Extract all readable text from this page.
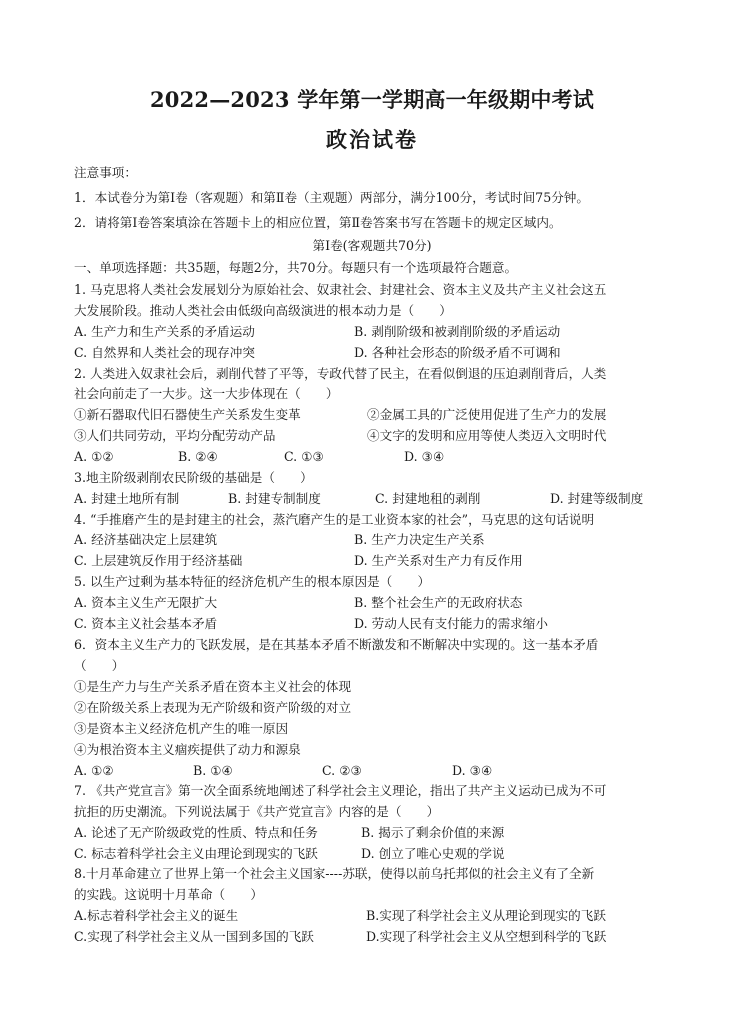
2022—2023 学年第一学期高一年级期中考试
政治试卷
注意事项：
1．本试卷分为第Ⅰ卷（客观题）和第Ⅱ卷（主观题）两部分，满分100分，考试时间75分钟。
2．请将第Ⅰ卷答案填涂在答题卡上的相应位置，第Ⅱ卷答案书写在答题卡的规定区域内。
第Ⅰ卷(客观题共70分)
一、单项选择题：共35题，每题2分，共70分。每题只有一个选项最符合题意。
1. 马克思将人类社会发展划分为原始社会、奴隶社会、封建社会、资本主义及共产主义社会这五
大发展阶段。推动人类社会由低级向高级演进的根本动力是（　　）
A. 生产力和生产关系的矛盾运动	B. 剥削阶级和被剥削阶级的矛盾运动
C. 自然界和人类社会的现存冲突	D. 各种社会形态的阶级矛盾不可调和
2. 人类进入奴隶社会后，剥削代替了平等，专政代替了民主，在看似倒退的压迫剥削背后，人类
社会向前走了一大步。这一大步体现在（　　）
①新石器取代旧石器使生产关系发生变革	②金属工具的广泛使用促进了生产力的发展
③人们共同劳动，平均分配劳动产品	④文字的发明和应用等使人类迈入文明时代
A. ①②	B. ②④	C. ①③	D. ③④
3.地主阶级剥削农民阶级的基础是（　　）
A. 封建土地所有制	B. 封建专制制度	C. 封建地租的剥削	D. 封建等级制度
4. “手推磨产生的是封建主的社会，蒸汽磨产生的是工业资本家的社会”，马克思的这句话说明
A. 经济基础决定上层建筑	B. 生产力决定生产关系
C. 上层建筑反作用于经济基础	D. 生产关系对生产力有反作用
5. 以生产过剩为基本特征的经济危机产生的根本原因是（　　）
A. 资本主义生产无限扩大	B. 整个社会生产的无政府状态
C. 资本主义社会基本矛盾	D. 劳动人民有支付能力的需求缩小
6．资本主义生产力的飞跃发展，是在其基本矛盾不断激发和不断解决中实现的。这一基本矛盾
（　　）
①是生产力与生产关系矛盾在资本主义社会的体现
②在阶级关系上表现为无产阶级和资产阶级的对立
③是资本主义经济危机产生的唯一原因
④为根治资本主义痼疾提供了动力和源泉
A. ①②	B. ①④	C. ②③	D. ③④
7. 《共产党宣言》第一次全面系统地阐述了科学社会主义理论，指出了共产主义运动已成为不可
抗拒的历史潮流。下列说法属于《共产党宣言》内容的是（　　）
A. 论述了无产阶级政党的性质、特点和任务	B. 揭示了剩余价值的来源
C. 标志着科学社会主义由理论到现实的飞跃	D. 创立了唯心史观的学说
8.十月革命建立了世界上第一个社会主义国家----苏联，使得以前乌托邦似的社会主义有了全新
的实践。这说明十月革命（　　）
A.标志着科学社会主义的诞生	B.实现了科学社会主义从理论到现实的飞跃
C.实现了科学社会主义从一国到多国的飞跃	D.实现了科学社会主义从空想到科学的飞跃
